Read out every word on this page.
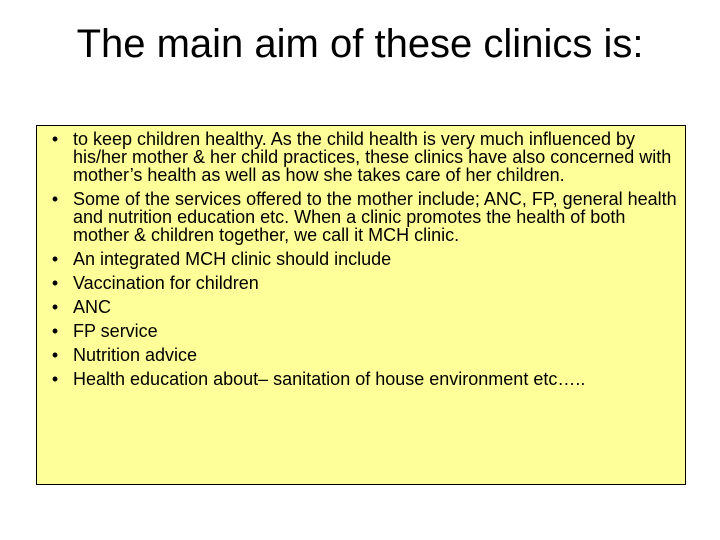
The main aim of these clinics is:
• to keep children healthy. As the child health is very much influenced by his/her mother & her child practices, these clinics have also concerned with mother’s health as well as how she takes care of her children.
• Some of the services offered to the mother include; ANC, FP, general health and nutrition education etc. When a clinic promotes the health of both mother & children together, we call it MCH clinic.
• An integrated MCH clinic should include
• Vaccination for children
• ANC
• FP service
• Nutrition advice
• Health education about– sanitation of house environment etc…..
